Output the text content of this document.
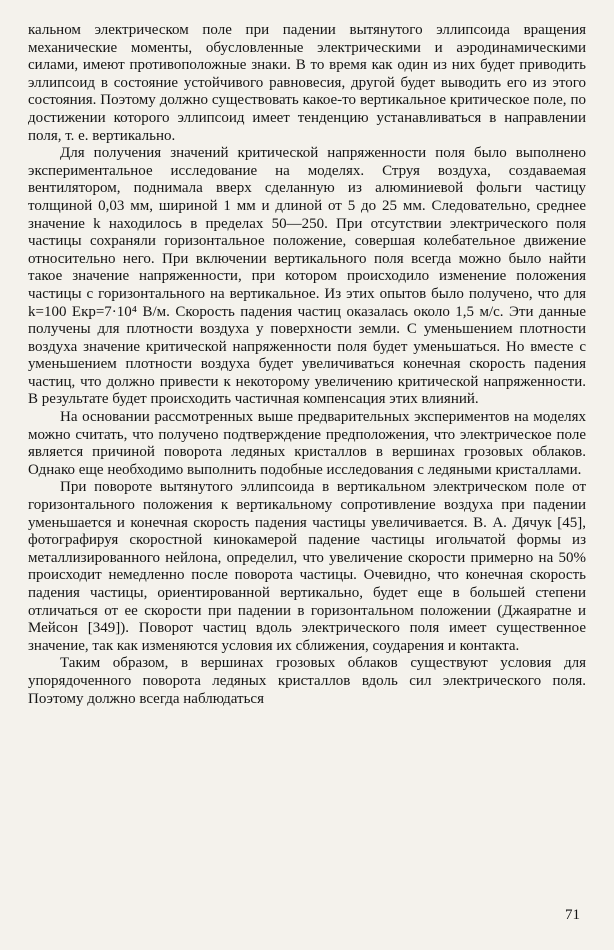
кальном электрическом поле при падении вытянутого эллипсоида вращения механические моменты, обусловленные электрическими и аэродинамическими силами, имеют противоположные знаки. В то время как один из них будет приводить эллипсоид в состояние устойчивого равновесия, другой будет выводить его из этого состояния. Поэтому должно существовать какое-то вертикальное критическое поле, по достижении которого эллипсоид имеет тенденцию устанавливаться в направлении поля, т. е. вертикально.

Для получения значений критической напряженности поля было выполнено экспериментальное исследование на моделях. Струя воздуха, создаваемая вентилятором, поднимала вверх сделанную из алюминиевой фольги частицу толщиной 0,03 мм, шириной 1 мм и длиной от 5 до 25 мм. Следовательно, среднее значение k находилось в пределах 50—250. При отсутствии электрического поля частицы сохраняли горизонтальное положение, совершая колебательное движение относительно него. При включении вертикального поля всегда можно было найти такое значение напряженности, при котором происходило изменение положения частицы с горизонтального на вертикальное. Из этих опытов было получено, что для k=100 Eкр=7·10⁴ В/м. Скорость падения частиц оказалась около 1,5 м/с. Эти данные получены для плотности воздуха у поверхности земли. С уменьшением плотности воздуха значение критической напряженности поля будет уменьшаться. Но вместе с уменьшением плотности воздуха будет увеличиваться конечная скорость падения частиц, что должно привести к некоторому увеличению критической напряженности. В результате будет происходить частичная компенсация этих влияний.

На основании рассмотренных выше предварительных экспериментов на моделях можно считать, что получено подтверждение предположения, что электрическое поле является причиной поворота ледяных кристаллов в вершинах грозовых облаков. Однако еще необходимо выполнить подобные исследования с ледяными кристаллами.

При повороте вытянутого эллипсоида в вертикальном электрическом поле от горизонтального положения к вертикальному сопротивление воздуха при падении уменьшается и конечная скорость падения частицы увеличивается. В. А. Дячук [45], фотографируя скоростной кинокамерой падение частицы игольчатой формы из металлизированного нейлона, определил, что увеличение скорости примерно на 50% происходит немедленно после поворота частицы. Очевидно, что конечная скорость падения частицы, ориентированной вертикально, будет еще в большей степени отличаться от ее скорости при падении в горизонтальном положении (Джаяратне и Мейсон [349]). Поворот частиц вдоль электрического поля имеет существенное значение, так как изменяются условия их сближения, соударения и контакта.

Таким образом, в вершинах грозовых облаков существуют условия для упорядоченного поворота ледяных кристаллов вдоль сил электрического поля. Поэтому должно всегда наблюдаться

71
